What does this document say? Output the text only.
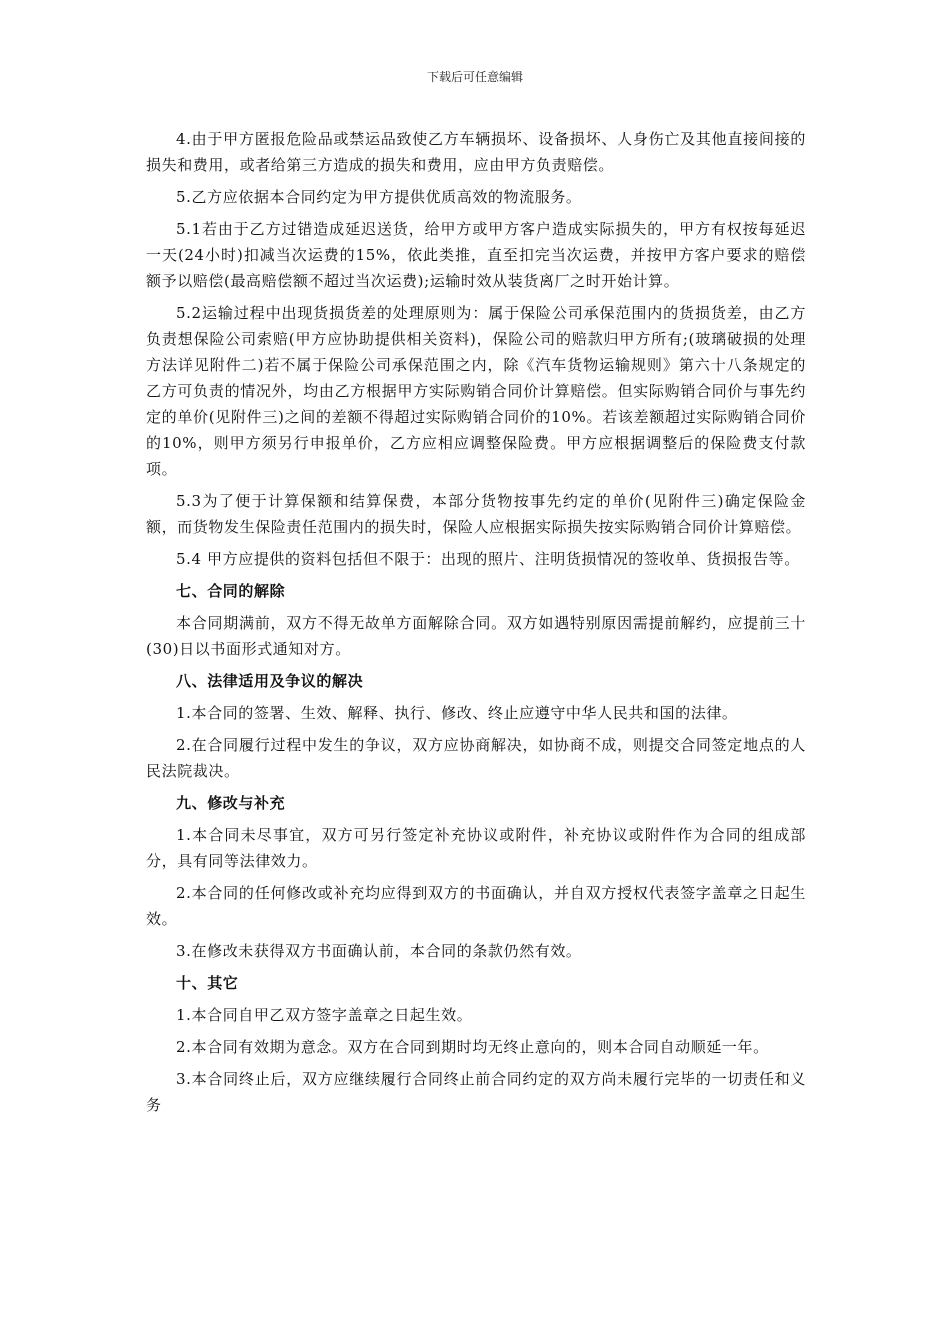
下载后可任意编辑

4.由于甲方匿报危险品或禁运品致使乙方车辆损坏、设备损坏、人身伤亡及其他直接间接的损失和费用，或者给第三方造成的损失和费用，应由甲方负责赔偿。

5.乙方应依据本合同约定为甲方提供优质高效的物流服务。

5.1若由于乙方过错造成延迟送货，给甲方或甲方客户造成实际损失的，甲方有权按每延迟一天(24小时)扣减当次运费的15%，依此类推，直至扣完当次运费，并按甲方客户要求的赔偿额予以赔偿(最高赔偿额不超过当次运费);运输时效从装货离厂之时开始计算。

5.2运输过程中出现货损货差的处理原则为：属于保险公司承保范围内的货损货差，由乙方负责想保险公司索赔(甲方应协助提供相关资料)，保险公司的赔款归甲方所有;(玻璃破损的处理方法详见附件二)若不属于保险公司承保范围之内，除《汽车货物运输规则》第六十八条规定的乙方可负责的情况外，均由乙方根据甲方实际购销合同价计算赔偿。但实际购销合同价与事先约定的单价(见附件三)之间的差额不得超过实际购销合同价的10%。若该差额超过实际购销合同价的10%，则甲方须另行申报单价，乙方应相应调整保险费。甲方应根据调整后的保险费支付款项。

5.3为了便于计算保额和结算保费，本部分货物按事先约定的单价(见附件三)确定保险金额，而货物发生保险责任范围内的损失时，保险人应根据实际损失按实际购销合同价计算赔偿。

5.4 甲方应提供的资料包括但不限于：出现的照片、注明货损情况的签收单、货损报告等。

七、合同的解除

本合同期满前，双方不得无故单方面解除合同。双方如遇特别原因需提前解约，应提前三十(30)日以书面形式通知对方。

八、法律适用及争议的解决

1.本合同的签署、生效、解释、执行、修改、终止应遵守中华人民共和国的法律。

2.在合同履行过程中发生的争议，双方应协商解决，如协商不成，则提交合同签定地点的人民法院裁决。

九、修改与补充

1.本合同未尽事宜，双方可另行签定补充协议或附件，补充协议或附件作为合同的组成部分，具有同等法律效力。

2.本合同的任何修改或补充均应得到双方的书面确认，并自双方授权代表签字盖章之日起生效。

3.在修改未获得双方书面确认前，本合同的条款仍然有效。

十、其它

1.本合同自甲乙双方签字盖章之日起生效。

2.本合同有效期为意念。双方在合同到期时均无终止意向的，则本合同自动顺延一年。

3.本合同终止后，双方应继续履行合同终止前合同约定的双方尚未履行完毕的一切责任和义务
